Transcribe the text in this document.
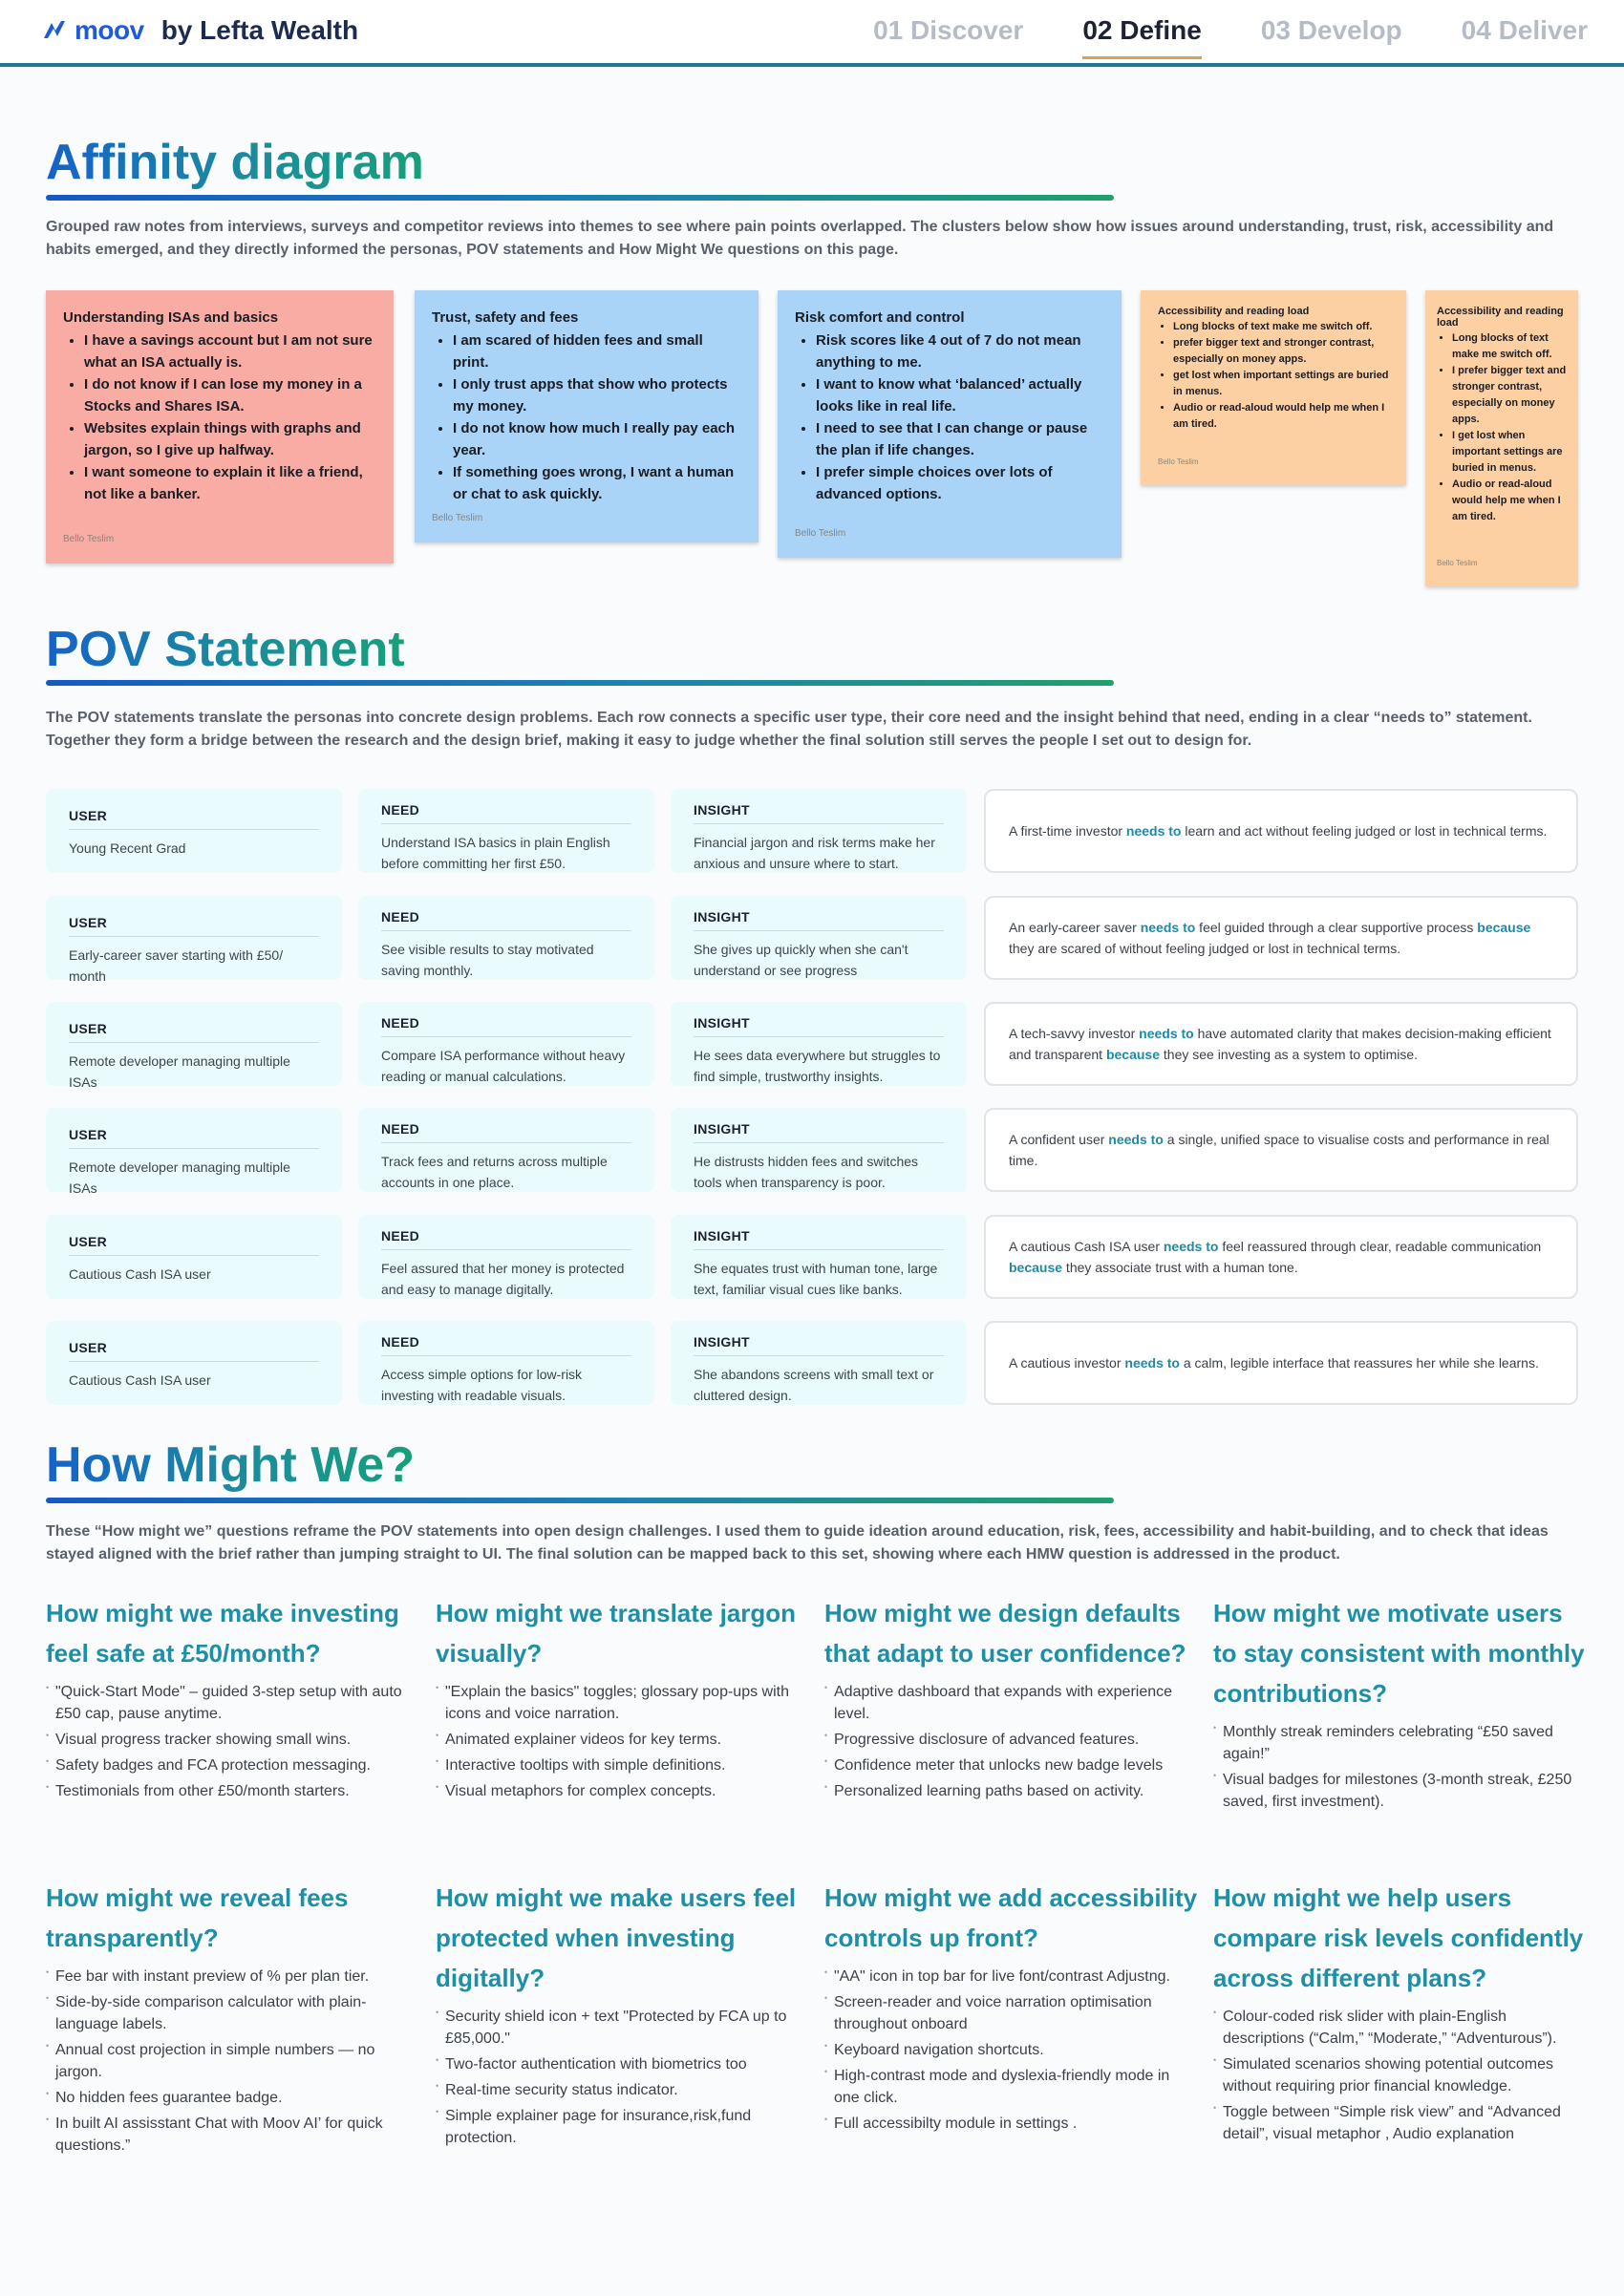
moov by Lefta Wealth	01 Discover 02 Define 03 Develop 04 Deliver
Affinity diagram
Grouped raw notes from interviews, surveys and competitor reviews into themes to see where pain points overlapped. The clusters below show how issues around understanding, trust, risk, accessibility and habits emerged, and they directly informed the personas, POV statements and How Might We questions on this page.
Understanding ISAs and basics
• I have a savings account but I am not sure what an ISA actually is.
• I do not know if I can lose my money in a Stocks and Shares ISA.
• Websites explain things with graphs and jargon, so I give up halfway.
• I want someone to explain it like a friend, not like a banker.
Bello Teslim
Trust, safety and fees
• I am scared of hidden fees and small print.
• I only trust apps that show who protects my money.
• I do not know how much I really pay each year.
• If something goes wrong, I want a human or chat to ask quickly.
Bello Teslim
Risk comfort and control
• Risk scores like 4 out of 7 do not mean anything to me.
• I want to know what ‘balanced’ actually looks like in real life.
• I need to see that I can change or pause the plan if life changes.
• I prefer simple choices over lots of advanced options.
Bello Teslim
Accessibility and reading load
• Long blocks of text make me switch off.
• prefer bigger text and stronger contrast, especially on money apps.
• get lost when important settings are buried in menus.
• Audio or read-aloud would help me when I am tired.
Bello Teslim
Accessibility and reading load
• Long blocks of text make me switch off.
• I prefer bigger text and stronger contrast, especially on money apps.
• I get lost when important settings are buried in menus.
• Audio or read-aloud would help me when I am tired.
Bello Teslim
POV Statement
The POV statements translate the personas into concrete design problems. Each row connects a specific user type, their core need and the insight behind that need, ending in a clear “needs to” statement. Together they form a bridge between the research and the design brief, making it easy to judge whether the final solution still serves the people I set out to design for.
USER
Young Recent Grad
NEED
Understand ISA basics in plain English before committing her first £50.
INSIGHT
Financial jargon and risk terms make her anxious and unsure where to start.

A first-time investor needs to learn and act without feeling judged or lost in technical terms.

USER
Early-career saver starting with £50/ month
NEED
See visible results to stay motivated saving monthly.
INSIGHT
She gives up quickly when she can't understand or see progress

An early-career saver needs to feel guided through a clear supportive process because they are scared of without feeling judged or lost in technical terms.

USER
Remote developer managing multiple ISAs
NEED
Compare ISA performance without heavy reading or manual calculations.
INSIGHT
He sees data everywhere but struggles to find simple, trustworthy insights.

A tech-savvy investor needs to have automated clarity that makes decision-making efficient and transparent because they see investing as a system to optimise.

USER
Remote developer managing multiple ISAs
NEED
Track fees and returns across multiple accounts in one place.
INSIGHT
He distrusts hidden fees and switches tools when transparency is poor.

A confident user needs to a single, unified space to visualise costs and performance in real time.

USER
Cautious Cash ISA user
NEED
Feel assured that her money is protected and easy to manage digitally.
INSIGHT
She equates trust with human tone, large text, familiar visual cues like banks.

A cautious Cash ISA user needs to feel reassured through clear, readable communication because they associate trust with a human tone.

USER
Cautious Cash ISA user
NEED
Access simple options for low-risk investing with readable visuals.
INSIGHT
She abandons screens with small text or cluttered design.

A cautious investor needs to a calm, legible interface that reassures her while she learns.

How Might We?
These “How might we” questions reframe the POV statements into open design challenges. I used them to guide ideation around education, risk, fees, accessibility and habit-building, and to check that ideas stayed aligned with the brief rather than jumping straight to UI. The final solution can be mapped back to this set, showing where each HMW question is addressed in the product.
How might we make investing feel safe at £50/month?
• "Quick-Start Mode" – guided 3-step setup with auto £50 cap, pause anytime.
• Visual progress tracker showing small wins.
• Safety badges and FCA protection messaging.
• Testimonials from other £50/month starters.
How might we translate jargon visually?
• "Explain the basics" toggles; glossary pop-ups with icons and voice narration.
• Animated explainer videos for key terms.
• Interactive tooltips with simple definitions.
• Visual metaphors for complex concepts.
How might we design defaults that adapt to user confidence?
• Adaptive dashboard that expands with experience level.
• Progressive disclosure of advanced features.
• Confidence meter that unlocks new badge levels
• Personalized learning paths based on activity.
How might we motivate users to stay consistent with monthly contributions?
• Monthly streak reminders celebrating “£50 saved again!”
• Visual badges for milestones (3-month streak, £250 saved, first investment).
How might we reveal fees transparently?
• Fee bar with instant preview of % per plan tier.
• Side-by-side comparison calculator with plain-language labels.
• Annual cost projection in simple numbers — no jargon.
• No hidden fees guarantee badge.
• In built AI assisstant Chat with Moov AI’ for quick questions.”
How might we make users feel protected when investing digitally?
• Security shield icon + text "Protected by FCA up to £85,000."
• Two-factor authentication with biometrics too
• Real-time security status indicator.
• Simple explainer page for insurance,risk,fund protection.
How might we add accessibility controls up front?
• "AA" icon in top bar for live font/contrast Adjustng.
• Screen-reader and voice narration optimisation throughout onboard
• Keyboard navigation shortcuts.
• High-contrast mode and dyslexia-friendly mode in one click.
• Full accessibilty module in settings .
How might we help users compare risk levels confidently across different plans?
• Colour-coded risk slider with plain-English descriptions (“Calm,” “Moderate,” “Adventurous”).
• Simulated scenarios showing potential outcomes without requiring prior financial knowledge.
• Toggle between “Simple risk view” and “Advanced detail”, visual metaphor , Audio explanation
